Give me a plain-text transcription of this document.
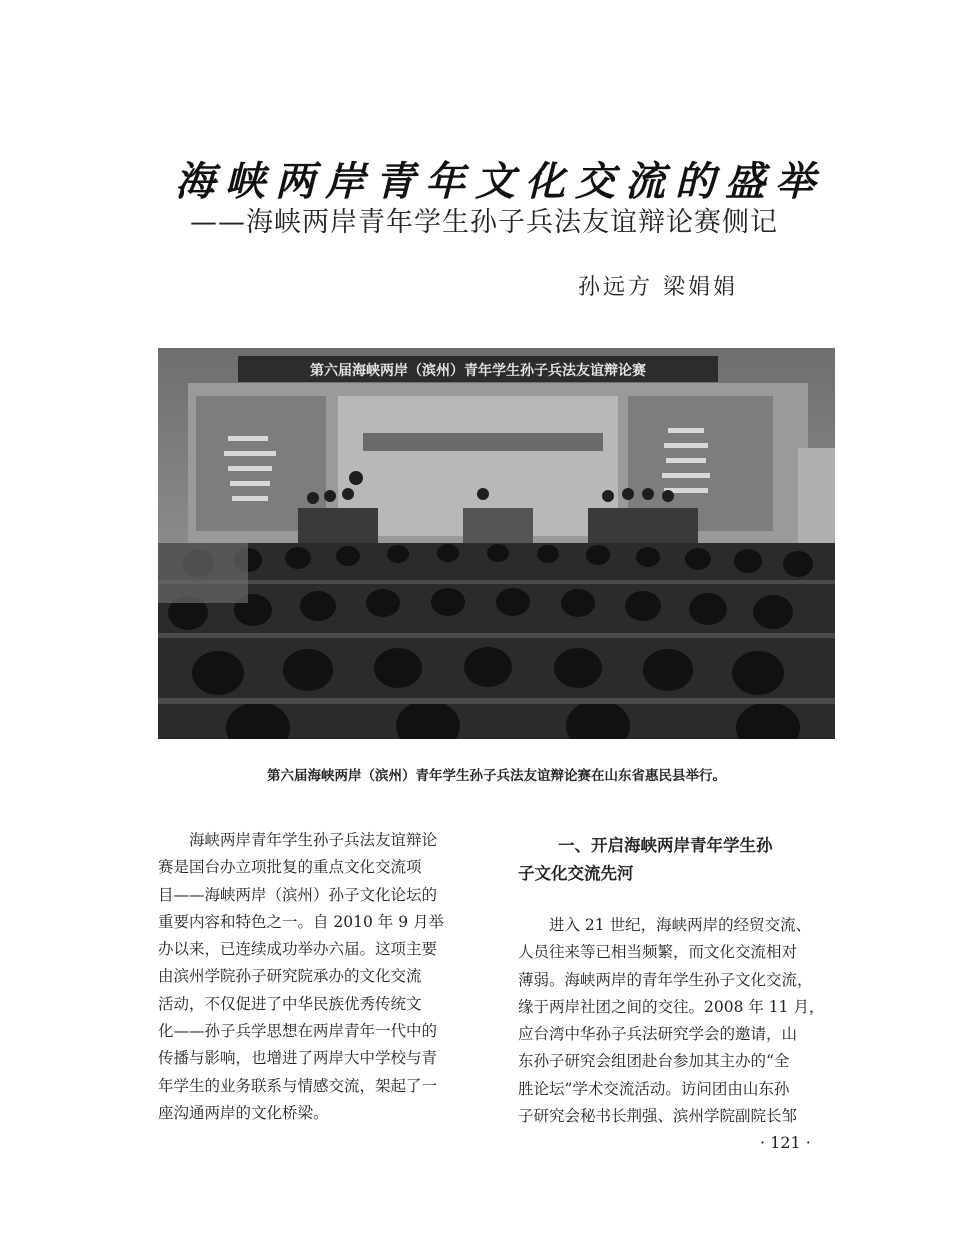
海峡两岸青年文化交流的盛举
——海峡两岸青年学生孙子兵法友谊辩论赛侧记
孙远方 梁娟娟
第六届海峡两岸（滨州）青年学生孙子兵法友谊辩论赛
第六届海峡两岸（滨州）青年学生孙子兵法友谊辩论赛在山东省惠民县举行。
海峡两岸青年学生孙子兵法友谊辩论
赛是国台办立项批复的重点文化交流项
目——海峡两岸（滨州）孙子文化论坛的
重要内容和特色之一。自 2010 年 9 月举
办以来，已连续成功举办六届。这项主要
由滨州学院孙子研究院承办的文化交流
活动，不仅促进了中华民族优秀传统文
化——孙子兵学思想在两岸青年一代中的
传播与影响，也增进了两岸大中学校与青
年学生的业务联系与情感交流，架起了一
座沟通两岸的文化桥梁。
一、开启海峡两岸青年学生孙
子文化交流先河
进入 21 世纪，海峡两岸的经贸交流、
人员往来等已相当频繁，而文化交流相对
薄弱。海峡两岸的青年学生孙子文化交流，
缘于两岸社团之间的交往。2008 年 11 月，
应台湾中华孙子兵法研究学会的邀请，山
东孙子研究会组团赴台参加其主办的“全
胜论坛”学术交流活动。访问团由山东孙
子研究会秘书长荆强、滨州学院副院长邹
· 121 ·
